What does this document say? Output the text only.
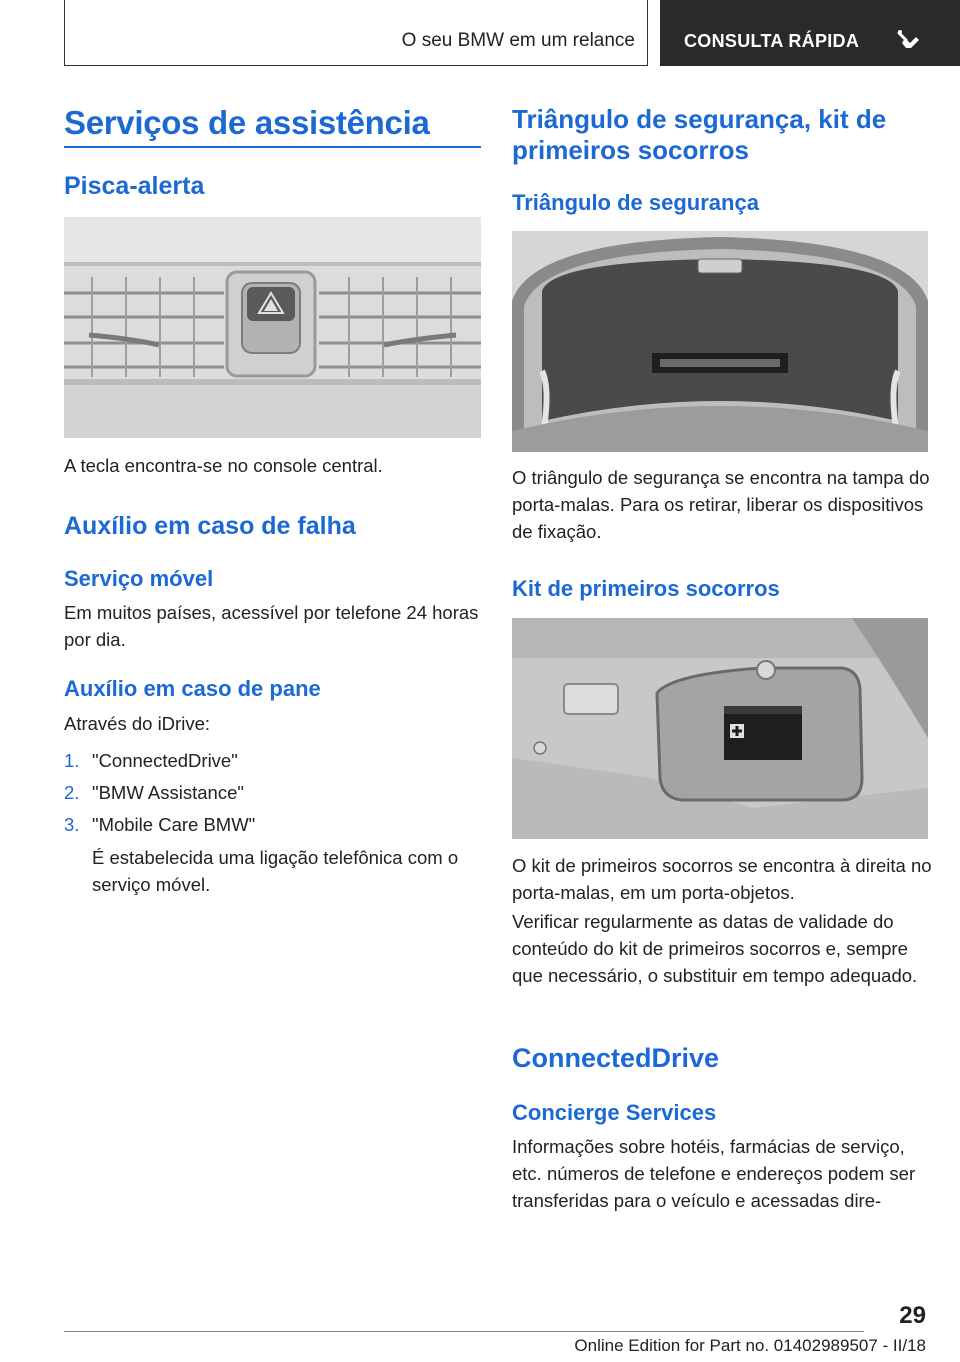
O seu BMW em um relance	CONSULTA RÁPIDA
Serviços de assistência
Pisca-alerta
A tecla encontra-se no console central.
Auxílio em caso de falha
Serviço móvel
Em muitos países, acessível por telefone 24 horas por dia.
Auxílio em caso de pane
Através do iDrive:
1. "ConnectedDrive"
2. "BMW Assistance"
3. "Mobile Care BMW"
É estabelecida uma ligação telefônica com o serviço móvel.
Triângulo de segurança, kit de primeiros socorros
Triângulo de segurança
O triângulo de segurança se encontra na tampa do porta-malas. Para os retirar, liberar os dispositivos de fixação.
Kit de primeiros socorros
O kit de primeiros socorros se encontra à direita no porta-malas, em um porta-objetos.
Verificar regularmente as datas de validade do conteúdo do kit de primeiros socorros e, sempre que necessário, o substituir em tempo adequado.
ConnectedDrive
Concierge Services
Informações sobre hotéis, farmácias de serviço, etc. números de telefone e endereços podem ser transferidas para o veículo e acessadas dire-
29
Online Edition for Part no. 01402989507 - II/18
